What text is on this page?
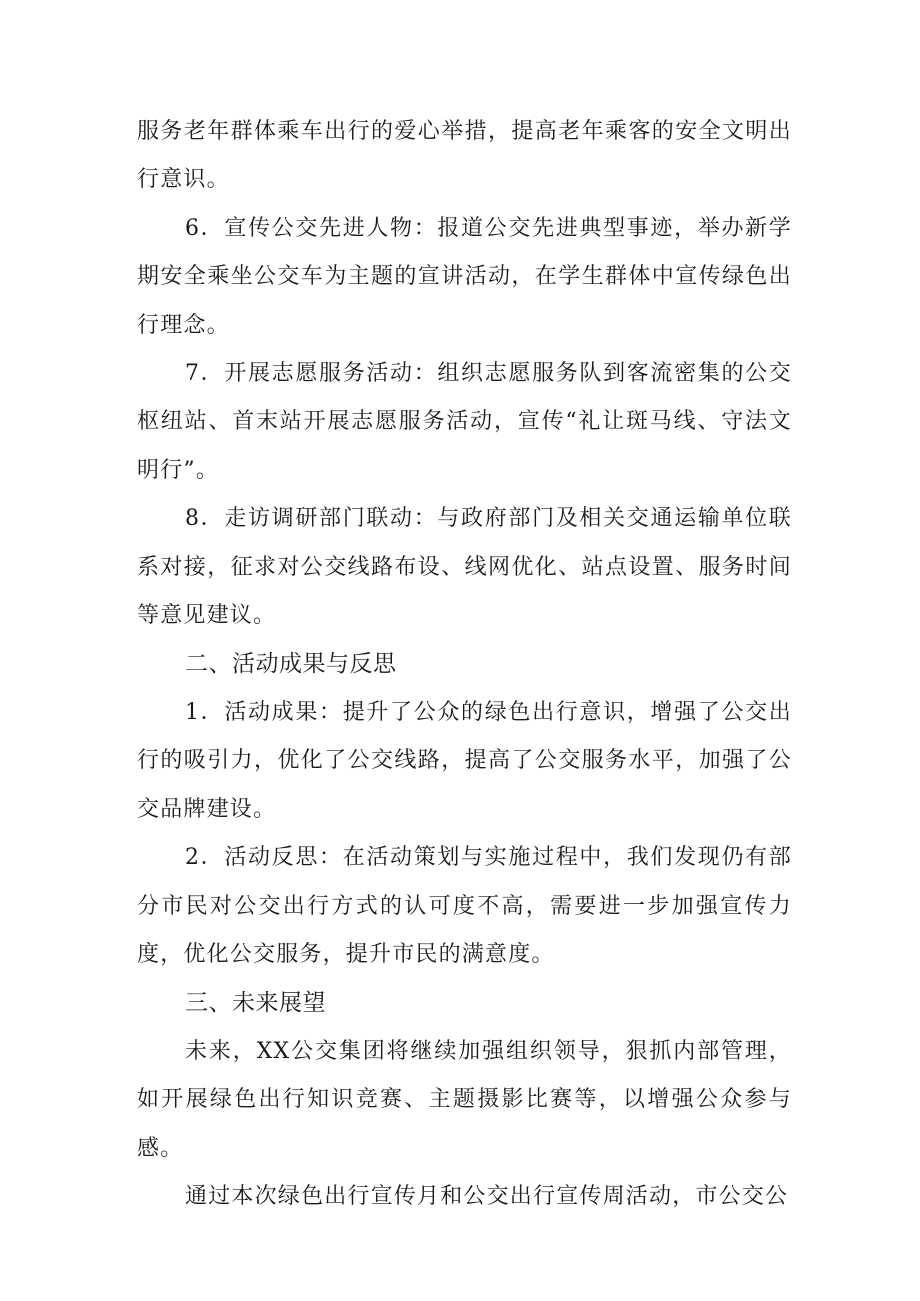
服务老年群体乘车出行的爱心举措，提高老年乘客的安全文明出行意识。

6．宣传公交先进人物：报道公交先进典型事迹，举办新学期安全乘坐公交车为主题的宣讲活动，在学生群体中宣传绿色出行理念。

7．开展志愿服务活动：组织志愿服务队到客流密集的公交枢纽站、首末站开展志愿服务活动，宣传“礼让斑马线、守法文明行”。

8．走访调研部门联动：与政府部门及相关交通运输单位联系对接，征求对公交线路布设、线网优化、站点设置、服务时间等意见建议。

二、活动成果与反思

1．活动成果：提升了公众的绿色出行意识，增强了公交出行的吸引力，优化了公交线路，提高了公交服务水平，加强了公交品牌建设。

2．活动反思：在活动策划与实施过程中，我们发现仍有部分市民对公交出行方式的认可度不高，需要进一步加强宣传力度，优化公交服务，提升市民的满意度。

三、未来展望

未来，XX公交集团将继续加强组织领导，狠抓内部管理，如开展绿色出行知识竞赛、主题摄影比赛等，以增强公众参与感。

通过本次绿色出行宣传月和公交出行宣传周活动，市公交公
